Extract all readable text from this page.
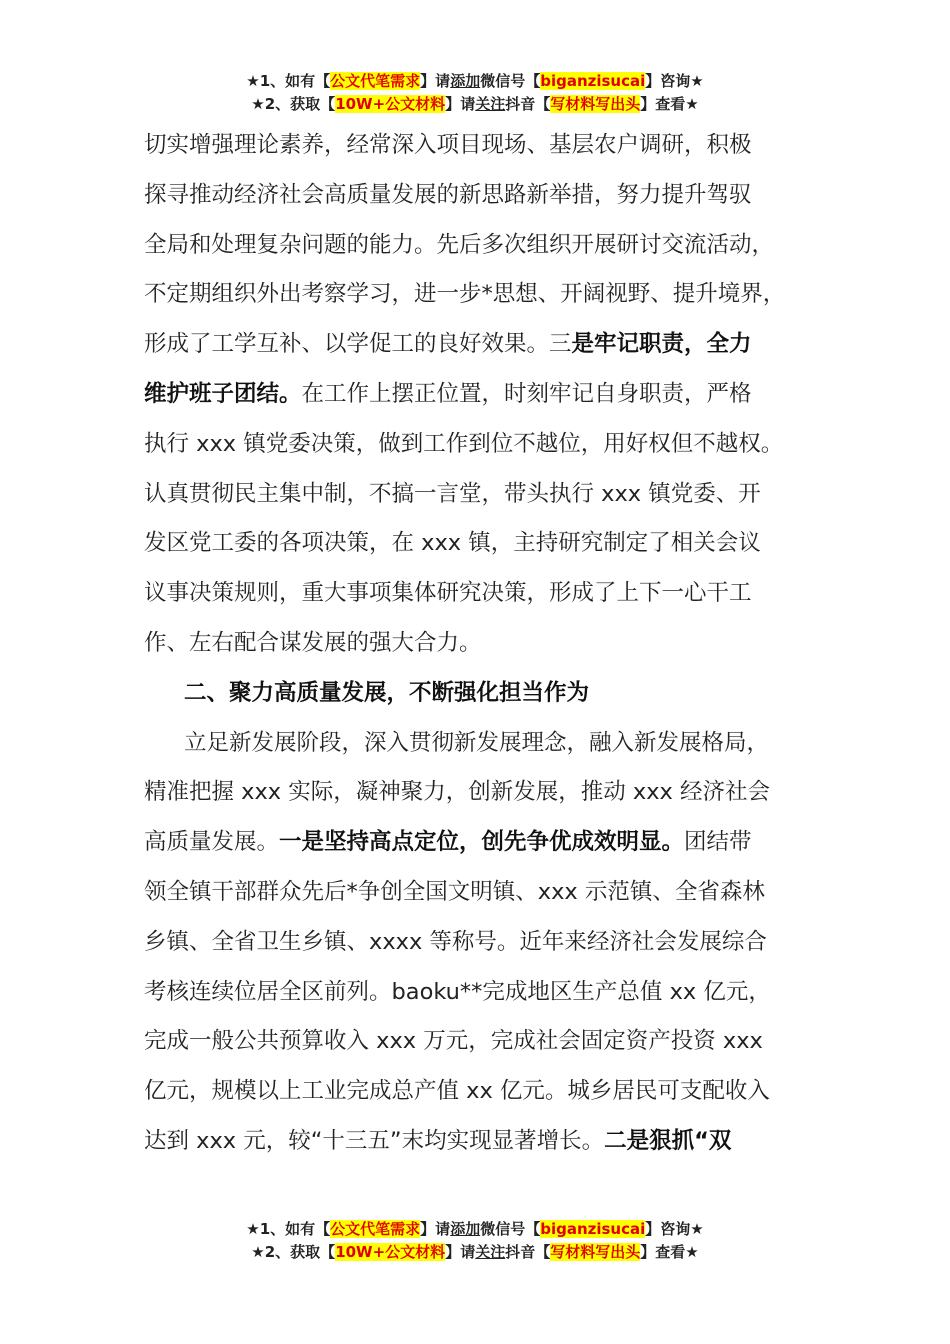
★1、如有【公文代笔需求】请添加微信号【biganzisucai】咨询★
★2、获取【10W+公文材料】请关注抖音【写材料写出头】查看★
切实增强理论素养，经常深入项目现场、基层农户调研，积极
探寻推动经济社会高质量发展的新思路新举措，努力提升驾驭
全局和处理复杂问题的能力。先后多次组织开展研讨交流活动，
不定期组织外出考察学习，进一步*思想、开阔视野、提升境界，
形成了工学互补、以学促工的良好效果。三是牢记职责，全力
维护班子团结。在工作上摆正位置，时刻牢记自身职责，严格
执行 xxx 镇党委决策，做到工作到位不越位，用好权但不越权。
认真贯彻民主集中制，不搞一言堂，带头执行 xxx 镇党委、开
发区党工委的各项决策，在 xxx 镇，主持研究制定了相关会议
议事决策规则，重大事项集体研究决策，形成了上下一心干工
作、左右配合谋发展的强大合力。
二、聚力高质量发展，不断强化担当作为
立足新发展阶段，深入贯彻新发展理念，融入新发展格局，
精准把握 xxx 实际，凝神聚力，创新发展，推动 xxx 经济社会
高质量发展。一是坚持高点定位，创先争优成效明显。团结带
领全镇干部群众先后*争创全国文明镇、xxx 示范镇、全省森林
乡镇、全省卫生乡镇、xxxx 等称号。近年来经济社会发展综合
考核连续位居全区前列。baoku**完成地区生产总值 xx 亿元，
完成一般公共预算收入 xxx 万元，完成社会固定资产投资 xxx
亿元，规模以上工业完成总产值 xx 亿元。城乡居民可支配收入
达到 xxx 元，较“十三五”末均实现显著增长。二是狠抓“双
★1、如有【公文代笔需求】请添加微信号【biganzisucai】咨询★
★2、获取【10W+公文材料】请关注抖音【写材料写出头】查看★
